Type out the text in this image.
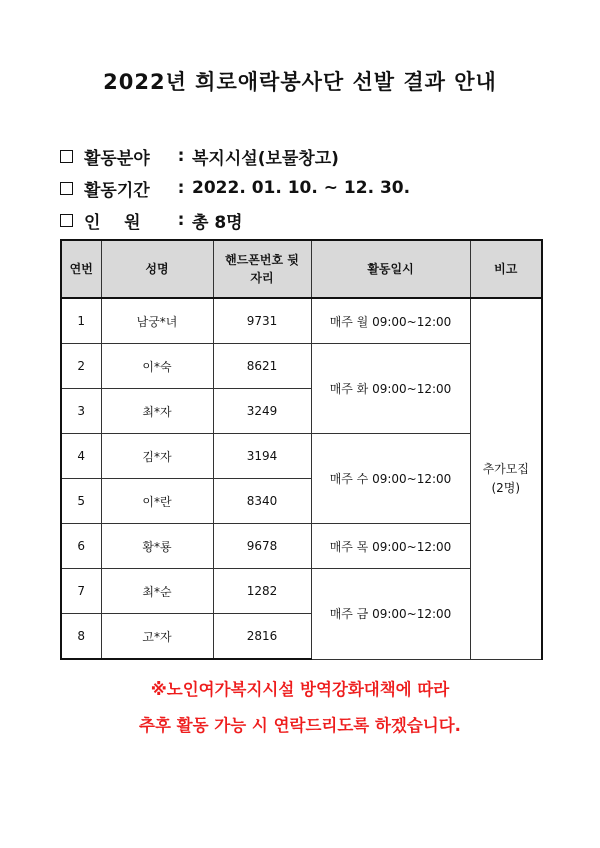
2022년 희로애락봉사단 선발 결과 안내
활동분야	: 복지시설(보물창고)
활동기간	: 2022. 01. 10. ~ 12. 30.
인    원	: 총 8명
연번	성명	핸드폰번호 뒷자리	활동일시	비고
1	남궁*녀	9731	매주 월 09:00~12:00	추가모집 (2명)
2	이*숙	8621	매주 화 09:00~12:00	
3	최*자	3249		
4	김*자	3194	매주 수 09:00~12:00	
5	이*란	8340		
6	황*룡	9678	매주 목 09:00~12:00	
7	최*순	1282	매주 금 09:00~12:00	
8	고*자	2816		
※노인여가복지시설 방역강화대책에 따라
추후 활동 가능 시 연락드리도록 하겠습니다.
